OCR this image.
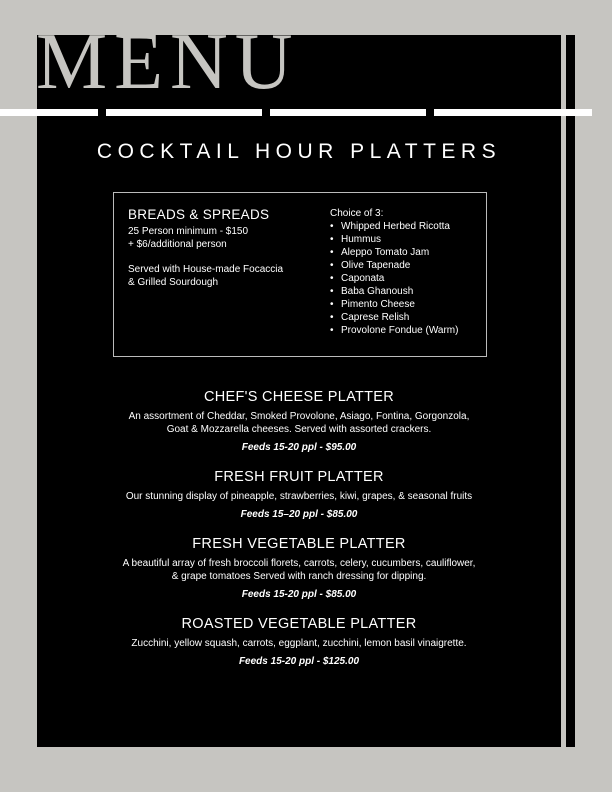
MENU
COCKTAIL HOUR PLATTERS
BREADS & SPREADS
25 Person minimum - $150
+ $6/additional person
Served with House-made Focaccia
& Grilled Sourdough
Choice of 3:
• Whipped Herbed Ricotta
• Hummus
• Aleppo Tomato Jam
• Olive Tapenade
• Caponata
• Baba Ghanoush
• Pimento Cheese
• Caprese Relish
• Provolone Fondue (Warm)
CHEF'S CHEESE PLATTER

An assortment of Cheddar, Smoked Provolone, Asiago, Fontina, Gorgonzola,

Goat & Mozzarella cheeses. Served with assorted crackers.

Feeds 15-20 ppl - $95.00

FRESH FRUIT PLATTER

Our stunning display of pineapple, strawberries, kiwi, grapes, & seasonal fruits

Feeds 15–20 ppl - $85.00

FRESH VEGETABLE PLATTER

A beautiful array of fresh broccoli florets, carrots, celery, cucumbers, cauliflower,

& grape tomatoes Served with ranch dressing for dipping.

Feeds 15-20 ppl - $85.00

ROASTED VEGETABLE PLATTER

Zucchini, yellow squash, carrots, eggplant, zucchini, lemon basil vinaigrette.

Feeds 15-20 ppl - $125.00
